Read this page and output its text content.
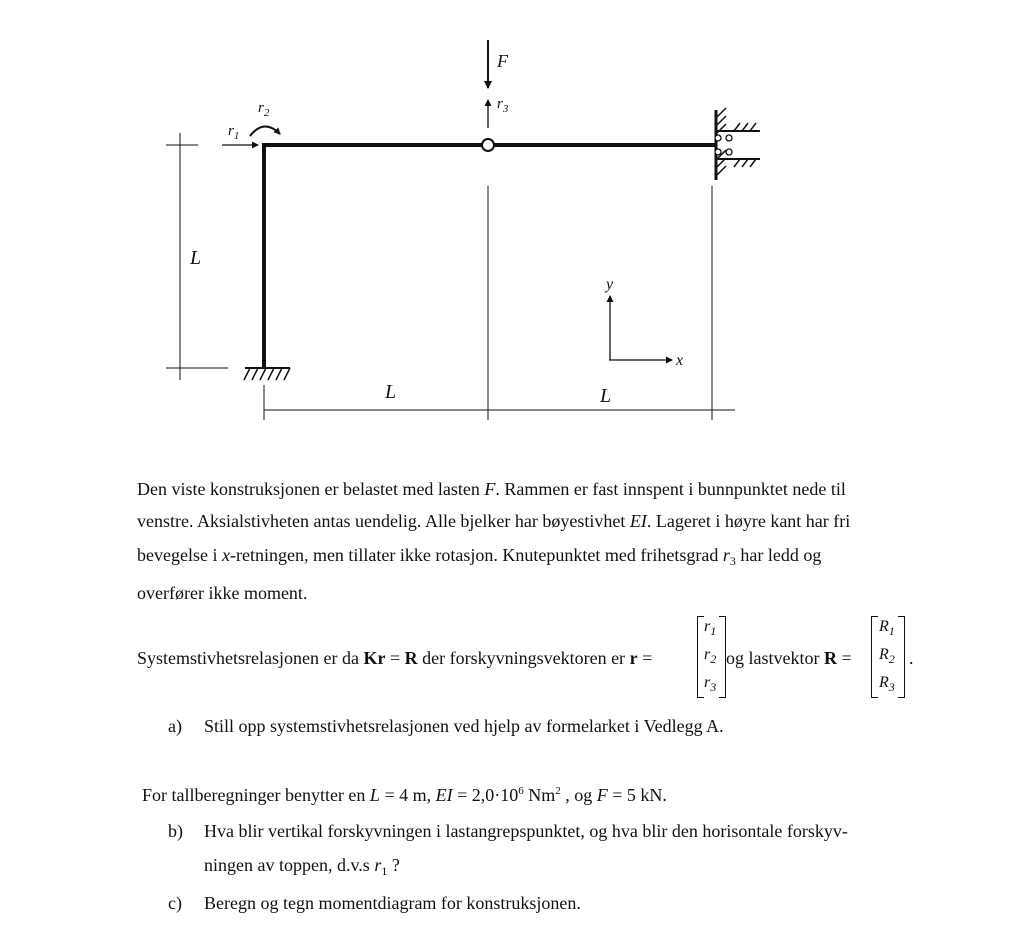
F
$r_3$
$r_1$
$r_2$
L
L	L
y
x
Den viste konstruksjonen er belastet med lasten F. Rammen er fast innspent i bunnpunktet nede til
venstre. Aksialstivheten antas uendelig. Alle bjelker har bøyestivhet EI. Lageret i høyre kant har fri
bevegelse i x-retningen, men tillater ikke rotasjon. Knutepunktet med frihetsgrad $r_3$ har ledd og
overfører ikke moment.
Systemstivhetsrelasjonen er da Kr = R der forskyvningsvektoren er r =
$r_1$
$r_2$
$r_3$
og lastvektor R =
$R_1$
$R_2$
$R_3$
.
a) Still opp systemstivhetsrelasjonen ved hjelp av formelarket i Vedlegg A.
For tallberegninger benytter en L = 4 m, EI = $2,0\cdot 10^6$ Nm$^2$ , og F = 5 kN.
b) Hva blir vertikal forskyvningen i lastangrepspunktet, og hva blir den horisontale forskyv-
ningen av toppen, d.v.s $r_1$ ?
c) Beregn og tegn momentdiagram for konstruksjonen.
